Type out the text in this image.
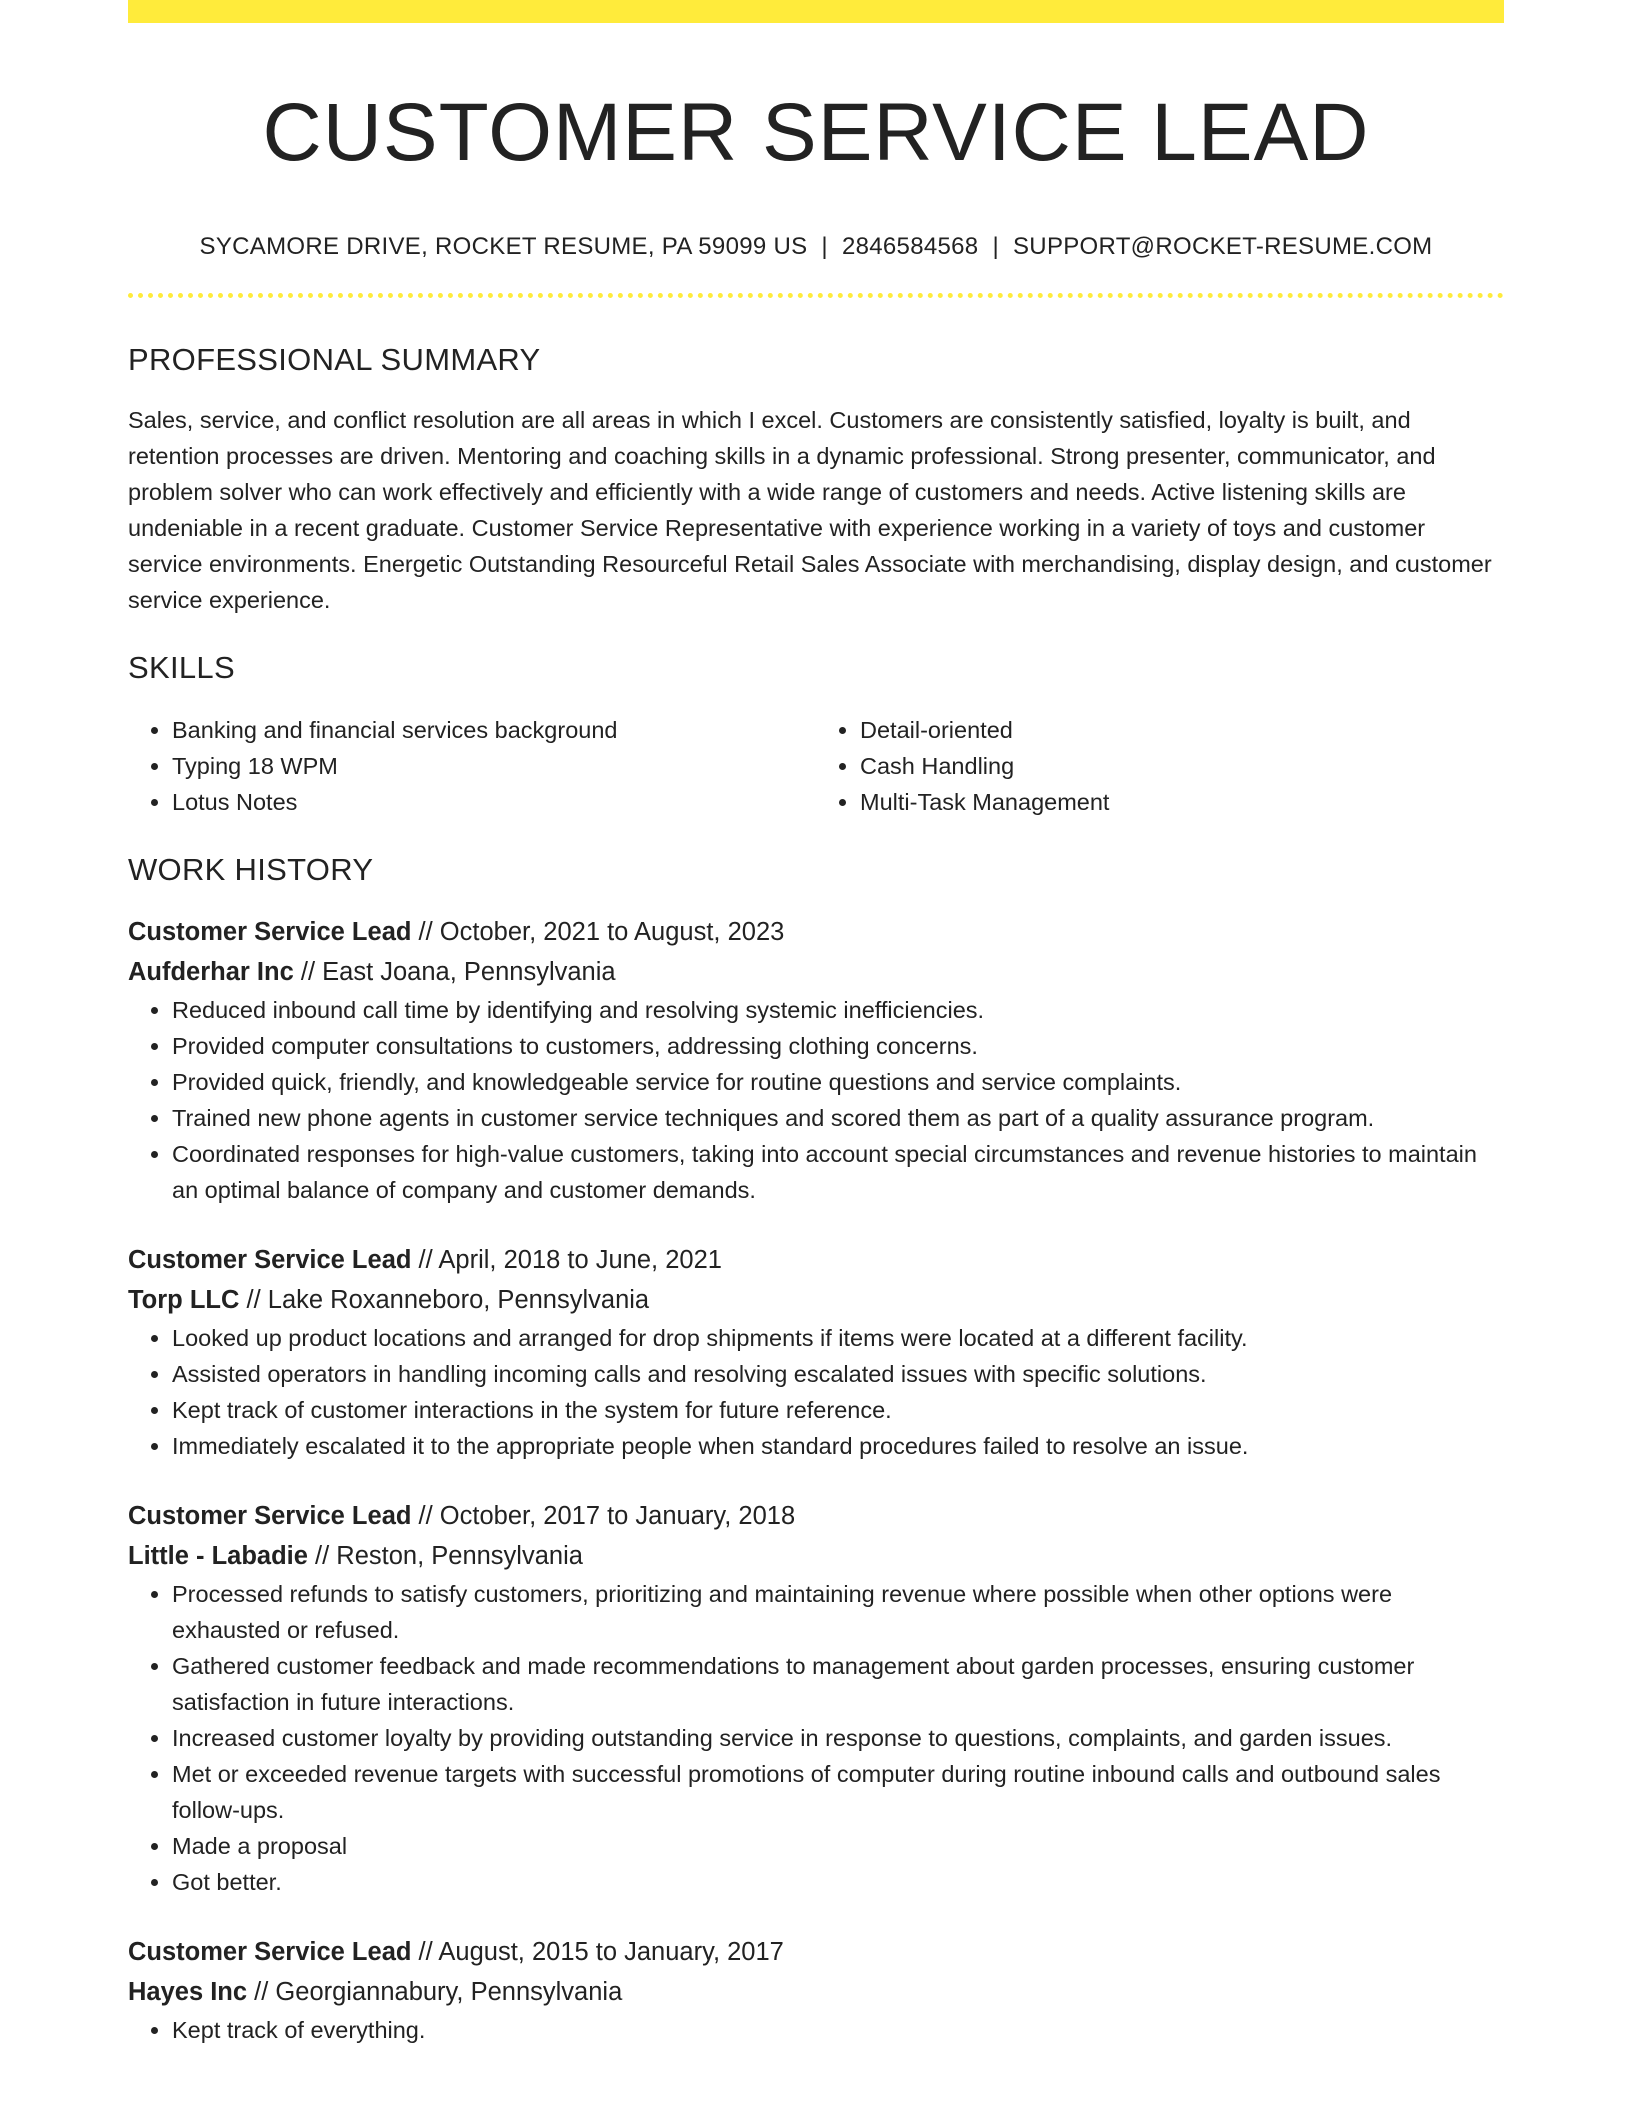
CUSTOMER SERVICE LEAD
SYCAMORE DRIVE, ROCKET RESUME, PA 59099 US | 2846584568 | SUPPORT@ROCKET-RESUME.COM
PROFESSIONAL SUMMARY
Sales, service, and conflict resolution are all areas in which I excel. Customers are consistently satisfied, loyalty is built, and retention processes are driven. Mentoring and coaching skills in a dynamic professional. Strong presenter, communicator, and problem solver who can work effectively and efficiently with a wide range of customers and needs. Active listening skills are undeniable in a recent graduate. Customer Service Representative with experience working in a variety of toys and customer service environments. Energetic Outstanding Resourceful Retail Sales Associate with merchandising, display design, and customer service experience.
SKILLS
• Banking and financial services background
• Typing 18 WPM
• Lotus Notes
• Detail-oriented
• Cash Handling
• Multi-Task Management
WORK HISTORY
Customer Service Lead // October, 2021 to August, 2023
Aufderhar Inc // East Joana, Pennsylvania
• Reduced inbound call time by identifying and resolving systemic inefficiencies.
• Provided computer consultations to customers, addressing clothing concerns.
• Provided quick, friendly, and knowledgeable service for routine questions and service complaints.
• Trained new phone agents in customer service techniques and scored them as part of a quality assurance program.
• Coordinated responses for high-value customers, taking into account special circumstances and revenue histories to maintain an optimal balance of company and customer demands.
Customer Service Lead // April, 2018 to June, 2021
Torp LLC // Lake Roxanneboro, Pennsylvania
• Looked up product locations and arranged for drop shipments if items were located at a different facility.
• Assisted operators in handling incoming calls and resolving escalated issues with specific solutions.
• Kept track of customer interactions in the system for future reference.
• Immediately escalated it to the appropriate people when standard procedures failed to resolve an issue.
Customer Service Lead // October, 2017 to January, 2018
Little - Labadie // Reston, Pennsylvania
• Processed refunds to satisfy customers, prioritizing and maintaining revenue where possible when other options were exhausted or refused.
• Gathered customer feedback and made recommendations to management about garden processes, ensuring customer satisfaction in future interactions.
• Increased customer loyalty by providing outstanding service in response to questions, complaints, and garden issues.
• Met or exceeded revenue targets with successful promotions of computer during routine inbound calls and outbound sales follow-ups.
• Made a proposal
• Got better.
Customer Service Lead // August, 2015 to January, 2017
Hayes Inc // Georgiannabury, Pennsylvania
• Kept track of everything.
